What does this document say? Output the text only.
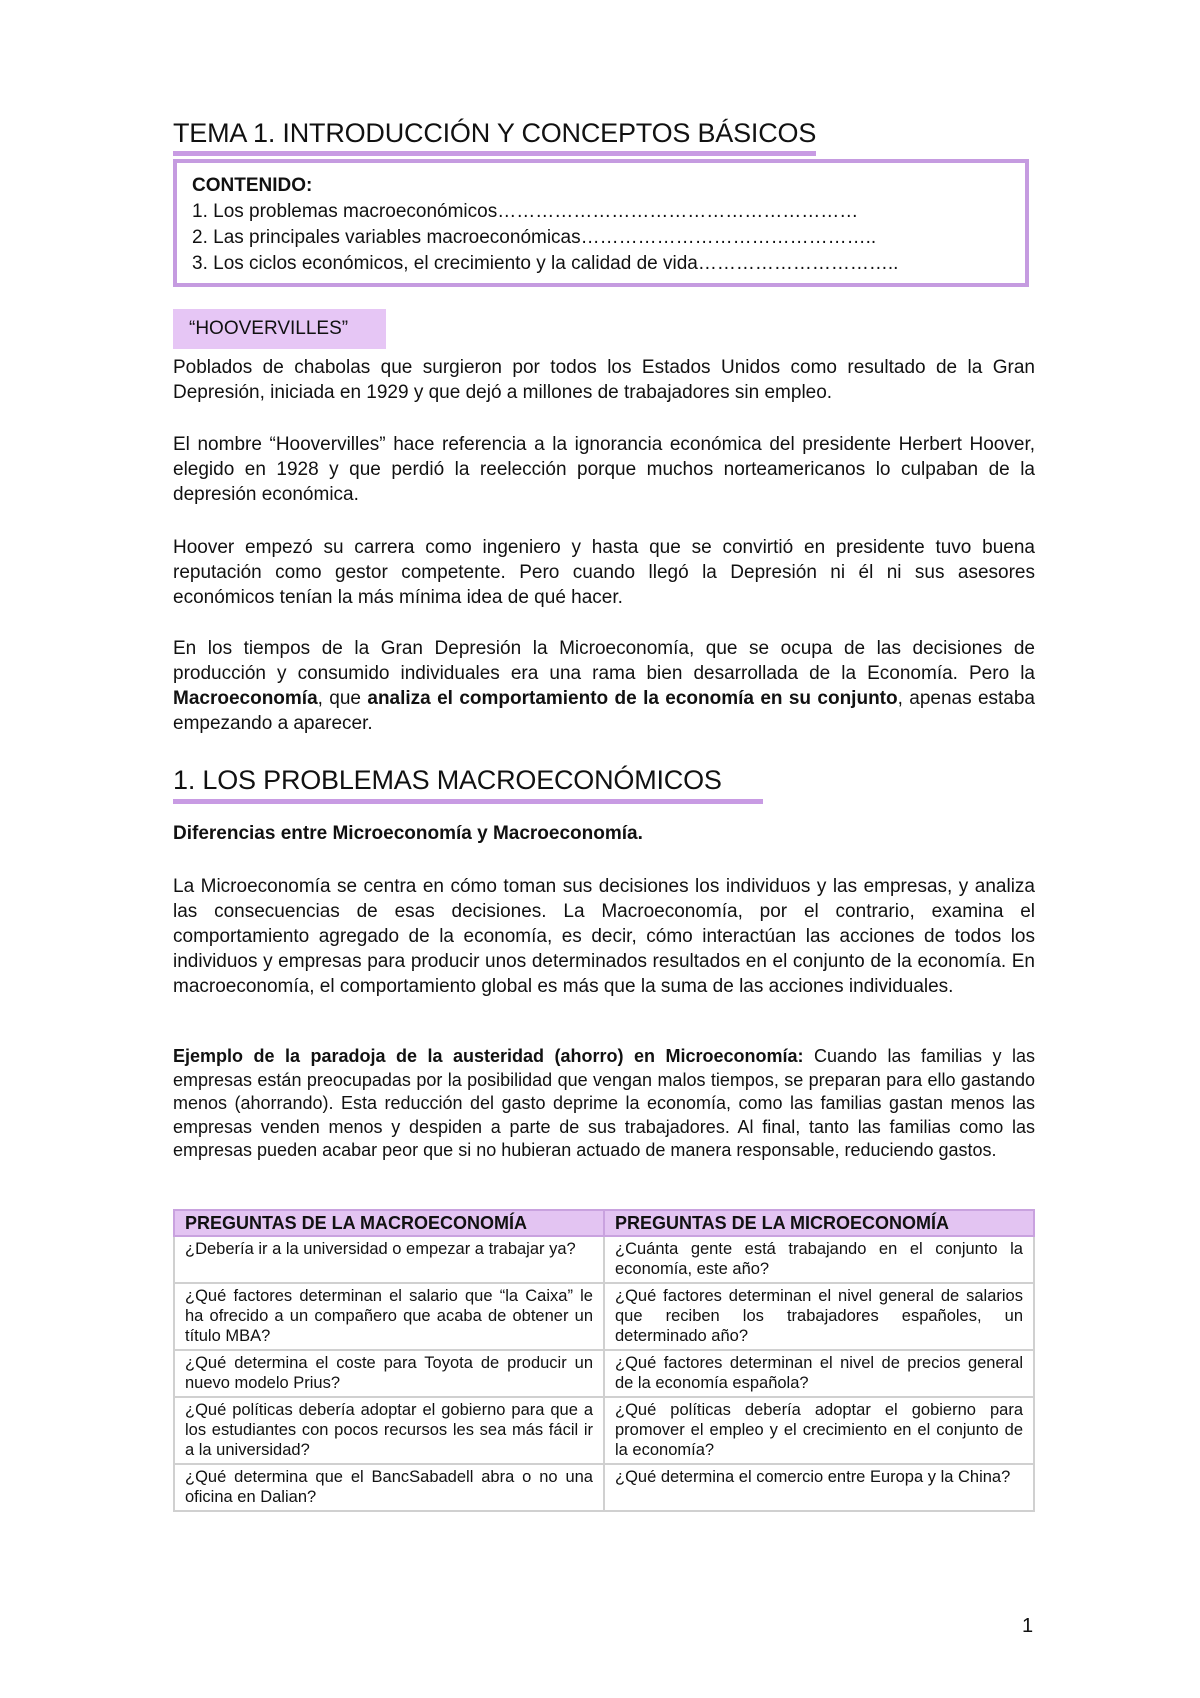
TEMA 1. INTRODUCCIÓN Y CONCEPTOS BÁSICOS
CONTENIDO:
1. Los problemas macroeconómicos…………………………………………………
2. Las principales variables macroeconómicas………………………………………..
3. Los ciclos económicos, el crecimiento y la calidad de vida…………………………..
“HOOVERVILLES”

Poblados de chabolas que surgieron por todos los Estados Unidos como resultado de la Gran Depresión, iniciada en 1929 y que dejó a millones de trabajadores sin empleo.

El nombre “Hoovervilles” hace referencia a la ignorancia económica del presidente Herbert Hoover, elegido en 1928 y que perdió la reelección porque muchos norteamericanos lo culpaban de la depresión económica.

Hoover empezó su carrera como ingeniero y hasta que se convirtió en presidente tuvo buena reputación como gestor competente. Pero cuando llegó la Depresión ni él ni sus asesores económicos tenían la más mínima idea de qué hacer.

En los tiempos de la Gran Depresión la Microeconomía, que se ocupa de las decisiones de producción y consumido individuales era una rama bien desarrollada de la Economía. Pero la Macroeconomía, que analiza el comportamiento de la economía en su conjunto, apenas estaba empezando a aparecer.

1. LOS PROBLEMAS MACROECONÓMICOS
Diferencias entre Microeconomía y Macroeconomía.

La Microeconomía se centra en cómo toman sus decisiones los individuos y las empresas, y analiza las consecuencias de esas decisiones. La Macroeconomía, por el contrario, examina el comportamiento agregado de la economía, es decir, cómo interactúan las acciones de todos los individuos y empresas para producir unos determinados resultados en el conjunto de la economía. En macroeconomía, el comportamiento global es más que la suma de las acciones individuales.

Ejemplo de la paradoja de la austeridad (ahorro) en Microeconomía: Cuando las familias y las empresas están preocupadas por la posibilidad que vengan malos tiempos, se preparan para ello gastando menos (ahorrando). Esta reducción del gasto deprime la economía, como las familias gastan menos las empresas venden menos y despiden a parte de sus trabajadores. Al final, tanto las familias como las empresas pueden acabar peor que si no hubieran actuado de manera responsable, reduciendo gastos.

PREGUNTAS DE LA MACROECONOMÍA	PREGUNTAS DE LA MICROECONOMÍA
¿Debería ir a la universidad o empezar a trabajar ya?	¿Cuánta gente está trabajando en el conjunto la economía, este año?
¿Qué factores determinan el salario que “la Caixa” le ha ofrecido a un compañero que acaba de obtener un título MBA?	¿Qué factores determinan el nivel general de salarios que reciben los trabajadores españoles, un determinado año?
¿Qué determina el coste para Toyota de producir un nuevo modelo Prius?	¿Qué factores determinan el nivel de precios general de la economía española?
¿Qué políticas debería adoptar el gobierno para que a los estudiantes con pocos recursos les sea más fácil ir a la universidad?	¿Qué políticas debería adoptar el gobierno para promover el empleo y el crecimiento en el conjunto de la economía?
¿Qué determina que el BancSabadell abra o no una oficina en Dalian?	¿Qué determina el comercio entre Europa y la China?
1
